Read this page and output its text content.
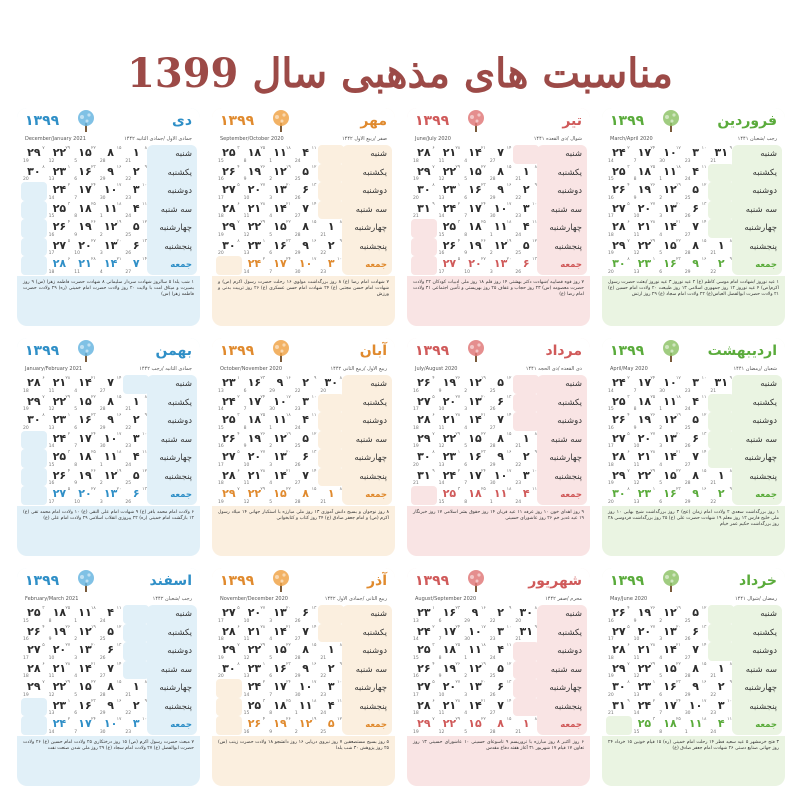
مناسبت های مذهبی سال 1399
فروردین
۱۳۹۹
رجب /شعبان ۱۴۴۱
March/April 2020
شنبه
یکشنبه
دوشنبه
سه شنبه
چهارشنبه
پنجشنبه
جمعه
۹
۳۱
21
۱۰
۳
23
۱۷
۱۰
30
۲۴
۱۷
7
۲
۲۴
14
۱۱
۴
24
۱۸
۱۱
1
۲۵
۱۸
8
۳
۲۵
15
۱۲
۵
25
۱۹
۱۲
2
۲۶
۱۹
9
۴
۲۶
16
۱۳
۶
26
۲۰
۱۳
3
۲۷
۲۰
10
۵
۲۷
17
۱۴
۷
27
۲۱
۱۴
4
۲۸
۲۱
11
۶
۲۸
18
۸
۱
21
۱۵
۸
28
۲۲
۱۵
5
۲۹
۲۲
12
۷
۲۹
19
۹
۲
22
۱۶
۹
29
۲۳
۱۶
6
۱
۲۳
13
۸
۳۰
20
۱ عید نوروز /شهادت امام موسی کاظم (ع) ۲ عید نوروز ۳ عید نوروز /بعثت حضرت رسول اکرم(ص) ۴ عید نوروز ۱۲ روز جمهوری اسلامی ۱۳ روز طبیعت ۲۰ ولادت امام حسین (ع) ۲۱ ولادت حضرت ابوالفضل العباس(ع) ۲۲ ولادت امام سجاد (ع) ۲۹ روز ارتش
تیر
۱۳۹۹
شوال /ذی القعده ۱۴۴۱
June/July 2020
شنبه
یکشنبه
دوشنبه
سه شنبه
چهارشنبه
پنجشنبه
جمعه
۱۴
۷
27
۲۱
۱۴
4
۲۸
۲۱
11
۶
۲۸
18
۸
۱
21
۱۵
۸
28
۲۲
۱۵
5
۲۹
۲۲
12
۷
۲۹
19
۹
۲
22
۱۶
۹
29
۲۳
۱۶
6
۱
۲۳
13
۸
۳۰
20
۱۰
۳
23
۱۷
۱۰
30
۲۴
۱۷
7
۲
۲۴
14
۹
۳۱
21
۱۱
۴
24
۱۸
۱۱
1
۲۵
۱۸
8
۳
۲۵
15
۱۲
۵
25
۱۹
۱۲
2
۲۶
۱۹
9
۴
۲۶
16
۱۳
۶
26
۲۰
۱۳
3
۲۷
۲۰
10
۵
۲۷
17
۷ روز قوه قضاییه /شهادت دکتر بهشتی ۱۴ روز قلم ۱۸ روز ملی ادبیات کودکان ۲۲ ولادت حضرت معصومه (س) ۲۳ روز حجاب و عفاف ۲۵ روز بهزیستی و تأمین اجتماعی ۳۱ ولادت امام رضا (ع)
مهر
۱۳۹۹
صفر /ربیع الاول ۱۴۴۲
September/October 2020
شنبه
یکشنبه
دوشنبه
سه شنبه
چهارشنبه
پنجشنبه
جمعه
۱۱
۴
24
۱۸
۱۱
1
۲۵
۱۸
8
۳
۲۵
15
۱۲
۵
25
۱۹
۱۲
2
۲۶
۱۹
9
۴
۲۶
16
۱۳
۶
26
۲۰
۱۳
3
۲۷
۲۰
10
۵
۲۷
17
۱۴
۷
27
۲۱
۱۴
4
۲۸
۲۱
11
۶
۲۸
18
۸
۱
21
۱۵
۸
28
۲۲
۱۵
5
۲۹
۲۲
12
۷
۲۹
19
۹
۲
22
۱۶
۹
29
۲۳
۱۶
6
۱
۲۳
13
۸
۳۰
20
۱۰
۳
23
۱۷
۱۰
30
۲۴
۱۷
7
۲
۲۴
14
۷ شهادت امام رضا (ع) ۸ روز بزرگداشت مولوی ۱۶ رحلت حضرت رسول اکرم (ص) و شهادت امام حسن مجتبی (ع) ۲۴ شهادت امام حسن عسکری (ع) ۲۶ روز تربیت بدنی و ورزش
دی
۱۳۹۹
جمادی الاول /جمادی الثانیه ۱۴۴۲
December/January 2021
شنبه
یکشنبه
دوشنبه
سه شنبه
چهارشنبه
پنجشنبه
جمعه
۸
۱
21
۱۵
۸
28
۲۲
۱۵
5
۲۹
۲۲
12
۷
۲۹
19
۹
۲
22
۱۶
۹
29
۲۳
۱۶
6
۱
۲۳
13
۸
۳۰
20
۱۰
۳
23
۱۷
۱۰
30
۲۴
۱۷
7
۲
۲۴
14
۱۱
۴
24
۱۸
۱۱
1
۲۵
۱۸
8
۳
۲۵
15
۱۲
۵
25
۱۹
۱۲
2
۲۶
۱۹
9
۴
۲۶
16
۱۳
۶
26
۲۰
۱۳
3
۲۷
۲۰
10
۵
۲۷
17
۱۴
۷
27
۲۱
۱۴
4
۲۸
۲۱
11
۶
۲۸
18
۱ شب یلدا ۵ سالروز شهادت سردار سلیمانی ۸ شهادت حضرت فاطمه زهرا (س) ۹ روز بصیرت و میثاق امت با ولایت ۲۰ روز ولادت حضرت امام خمینی (ره) ۲۹ ولادت حضرت فاطمه زهرا (س)
اردیبهشت
۱۳۹۹
شعبان /رمضان ۱۴۴۱
April/May 2020
شنبه
یکشنبه
دوشنبه
سه شنبه
چهارشنبه
پنجشنبه
جمعه
۹
۳۱
21
۱۰
۳
23
۱۷
۱۰
30
۲۴
۱۷
7
۲
۲۴
14
۱۱
۴
24
۱۸
۱۱
1
۲۵
۱۸
8
۳
۲۵
15
۱۲
۵
25
۱۹
۱۲
2
۲۶
۱۹
9
۴
۲۶
16
۱۳
۶
26
۲۰
۱۳
3
۲۷
۲۰
10
۵
۲۷
17
۱۴
۷
27
۲۱
۱۴
4
۲۸
۲۱
11
۶
۲۸
18
۸
۱
21
۱۵
۸
28
۲۲
۱۵
5
۲۹
۲۲
12
۷
۲۹
19
۹
۲
22
۱۶
۹
29
۲۳
۱۶
6
۱
۲۳
13
۸
۳۰
20
۱ روز بزرگداشت سعدی ۲ ولادت امام زمان (عج) ۳ روز بزرگداشت شیخ بهایی ۱۰ روز ملی خلیج فارس ۱۲ روز معلم ۱۹ شهادت حضرت علی (ع) ۲۵ روز بزرگداشت فردوسی ۲۸ روز بزرگداشت حکیم عمر خیام
مرداد
۱۳۹۹
ذی القعده /ذی الحجه ۱۴۴۱
July/August 2020
شنبه
یکشنبه
دوشنبه
سه شنبه
چهارشنبه
پنجشنبه
جمعه
۱۲
۵
25
۱۹
۱۲
2
۲۶
۱۹
9
۴
۲۶
16
۱۳
۶
26
۲۰
۱۳
3
۲۷
۲۰
10
۵
۲۷
17
۱۴
۷
27
۲۱
۱۴
4
۲۸
۲۱
11
۶
۲۸
18
۸
۱
21
۱۵
۸
28
۲۲
۱۵
5
۲۹
۲۲
12
۷
۲۹
19
۹
۲
22
۱۶
۹
29
۲۳
۱۶
6
۱
۲۳
13
۸
۳۰
20
۱۰
۳
23
۱۷
۱۰
30
۲۴
۱۷
7
۲
۲۴
14
۹
۳۱
21
۱۱
۴
24
۱۸
۱۱
1
۲۵
۱۸
8
۳
۲۵
15
۹ روز اهدای خون ۱۰ روز عرفه ۱۱ عید قربان ۱۴ روز حقوق بشر اسلامی ۱۷ روز خبرنگار ۱۹ عید غدیر خم ۲۶ روز عاشورای حسینی
آبان
۱۳۹۹
ربیع الاول /ربیع الثانی ۱۴۴۲
October/November 2020
شنبه
یکشنبه
دوشنبه
سه شنبه
چهارشنبه
پنجشنبه
جمعه
۸
۳۰
20
۹
۲
22
۱۶
۹
29
۲۳
۱۶
6
۱
۲۳
13
۱۰
۳
23
۱۷
۱۰
30
۲۴
۱۷
7
۲
۲۴
14
۱۱
۴
24
۱۸
۱۱
1
۲۵
۱۸
8
۳
۲۵
15
۱۲
۵
25
۱۹
۱۲
2
۲۶
۱۹
9
۴
۲۶
16
۱۳
۶
26
۲۰
۱۳
3
۲۷
۲۰
10
۵
۲۷
17
۱۴
۷
27
۲۱
۱۴
4
۲۸
۲۱
11
۶
۲۸
18
۸
۱
21
۱۵
۸
28
۲۲
۱۵
5
۲۹
۲۲
12
۷
۲۹
19
۸ روز نوجوان و بسیج دانش آموزی ۱۳ روز ملی مبارزه با استکبار جهانی ۱۴ میلاد رسول اکرم (ص) و امام جعفر صادق (ع) ۲۴ روز کتاب و کتابخوانی
بهمن
۱۳۹۹
جمادی الثانیه /رجب ۱۴۴۲
January/February 2021
شنبه
یکشنبه
دوشنبه
سه شنبه
چهارشنبه
پنجشنبه
جمعه
۱۴
۷
27
۲۱
۱۴
4
۲۸
۲۱
11
۶
۲۸
18
۸
۱
21
۱۵
۸
28
۲۲
۱۵
5
۲۹
۲۲
12
۷
۲۹
19
۹
۲
22
۱۶
۹
29
۲۳
۱۶
6
۱
۲۳
13
۸
۳۰
20
۱۰
۳
23
۱۷
۱۰
30
۲۴
۱۷
7
۲
۲۴
14
۱۱
۴
24
۱۸
۱۱
1
۲۵
۱۸
8
۳
۲۵
15
۱۲
۵
25
۱۹
۱۲
2
۲۶
۱۹
9
۴
۲۶
16
۱۳
۶
26
۲۰
۱۳
3
۲۷
۲۰
10
۵
۲۷
17
۶ ولادت امام محمد باقر (ع) ۹ شهادت امام علی النقی (ع) ۱۰ ولادت امام محمد تقی (ع) ۱۲ بازگشت امام خمینی (ره) ۲۲ پیروزی انقلاب اسلامی ۲۹ ولادت امام علی (ع)
خرداد
۱۳۹۹
رمضان /شوال ۱۴۴۱
May/June 2020
شنبه
یکشنبه
دوشنبه
سه شنبه
چهارشنبه
پنجشنبه
جمعه
۱۲
۵
25
۱۹
۱۲
2
۲۶
۱۹
9
۴
۲۶
16
۱۳
۶
26
۲۰
۱۳
3
۲۷
۲۰
10
۵
۲۷
17
۱۴
۷
27
۲۱
۱۴
4
۲۸
۲۱
11
۶
۲۸
18
۸
۱
21
۱۵
۸
28
۲۲
۱۵
5
۲۹
۲۲
12
۷
۲۹
19
۹
۲
22
۱۶
۹
29
۲۳
۱۶
6
۱
۲۳
13
۸
۳۰
20
۱۰
۳
23
۱۷
۱۰
30
۲۴
۱۷
7
۲
۲۴
14
۹
۳۱
21
۱۱
۴
24
۱۸
۱۱
1
۲۵
۱۸
8
۳
۲۵
15
۳ فتح خرمشهر ۵ عید سعید فطر ۱۴ رحلت امام خمینی (ره) ۱۵ قیام خونین ۱۵ خرداد ۲۴ روز جهانی صنایع دستی ۲۶ شهادت امام جعفر صادق (ع)
شهریور
۱۳۹۹
محرم /صفر ۱۴۴۲
August/September 2020
شنبه
یکشنبه
دوشنبه
سه شنبه
چهارشنبه
پنجشنبه
جمعه
۸
۳۰
20
۹
۲
22
۱۶
۹
29
۲۳
۱۶
6
۱
۲۳
13
۹
۳۱
21
۱۰
۳
23
۱۷
۱۰
30
۲۴
۱۷
7
۲
۲۴
14
۱۱
۴
24
۱۸
۱۱
1
۲۵
۱۸
8
۳
۲۵
15
۱۲
۵
25
۱۹
۱۲
2
۲۶
۱۹
9
۴
۲۶
16
۱۳
۶
26
۲۰
۱۳
3
۲۷
۲۰
10
۵
۲۷
17
۱۴
۷
27
۲۱
۱۴
4
۲۸
۲۱
11
۶
۲۸
18
۸
۱
21
۱۵
۸
28
۲۲
۱۵
5
۲۹
۲۲
12
۷
۲۹
19
۶ روز اکتبر ۸ روز مبارزه با تروریسم ۹ تاسوعای حسینی ۱۰ عاشورای حسینی ۱۳ روز تعاون ۱۷ قیام ۱۷ شهریور ۳۱ آغاز هفته دفاع مقدس
آذر
۱۳۹۹
ربیع الثانی /جمادی الاول ۱۴۴۲
November/December 2020
شنبه
یکشنبه
دوشنبه
سه شنبه
چهارشنبه
پنجشنبه
جمعه
۱۳
۶
26
۲۰
۱۳
3
۲۷
۲۰
10
۵
۲۷
17
۱۴
۷
27
۲۱
۱۴
4
۲۸
۲۱
11
۶
۲۸
18
۸
۱
21
۱۵
۸
28
۲۲
۱۵
5
۲۹
۲۲
12
۷
۲۹
19
۹
۲
22
۱۶
۹
29
۲۳
۱۶
6
۱
۲۳
13
۸
۳۰
20
۱۰
۳
23
۱۷
۱۰
30
۲۴
۱۷
7
۲
۲۴
14
۱۱
۴
24
۱۸
۱۱
1
۲۵
۱۸
8
۳
۲۵
15
۱۲
۵
25
۱۹
۱۲
2
۲۶
۱۹
9
۴
۲۶
16
۵ روز بسیج مستضعفین ۷ روز نیروی دریایی ۱۶ روز دانشجو ۱۸ ولادت حضرت زینب (س) ۲۵ روز پژوهش ۳۰ شب یلدا
اسفند
۱۳۹۹
رجب /شعبان ۱۴۴۲
February/March 2021
شنبه
یکشنبه
دوشنبه
سه شنبه
چهارشنبه
پنجشنبه
جمعه
۱۱
۴
24
۱۸
۱۱
1
۲۵
۱۸
8
۳
۲۵
15
۱۲
۵
25
۱۹
۱۲
2
۲۶
۱۹
9
۴
۲۶
16
۱۳
۶
26
۲۰
۱۳
3
۲۷
۲۰
10
۵
۲۷
17
۱۴
۷
27
۲۱
۱۴
4
۲۸
۲۱
11
۶
۲۸
18
۸
۱
21
۱۵
۸
28
۲۲
۱۵
5
۲۹
۲۲
12
۷
۲۹
19
۹
۲
22
۱۶
۹
29
۲۳
۱۶
6
۱
۲۳
13
۱۰
۳
23
۱۷
۱۰
30
۲۴
۱۷
7
۲
۲۴
14
۷ مبعث حضرت رسول اکرم (ص) ۱۵ روز درختکاری ۲۵ ولادت امام حسین (ع) ۲۶ ولادت حضرت ابوالفضل (ع) ۲۷ ولادت امام سجاد (ع) ۲۹ روز ملی شدن صنعت نفت
